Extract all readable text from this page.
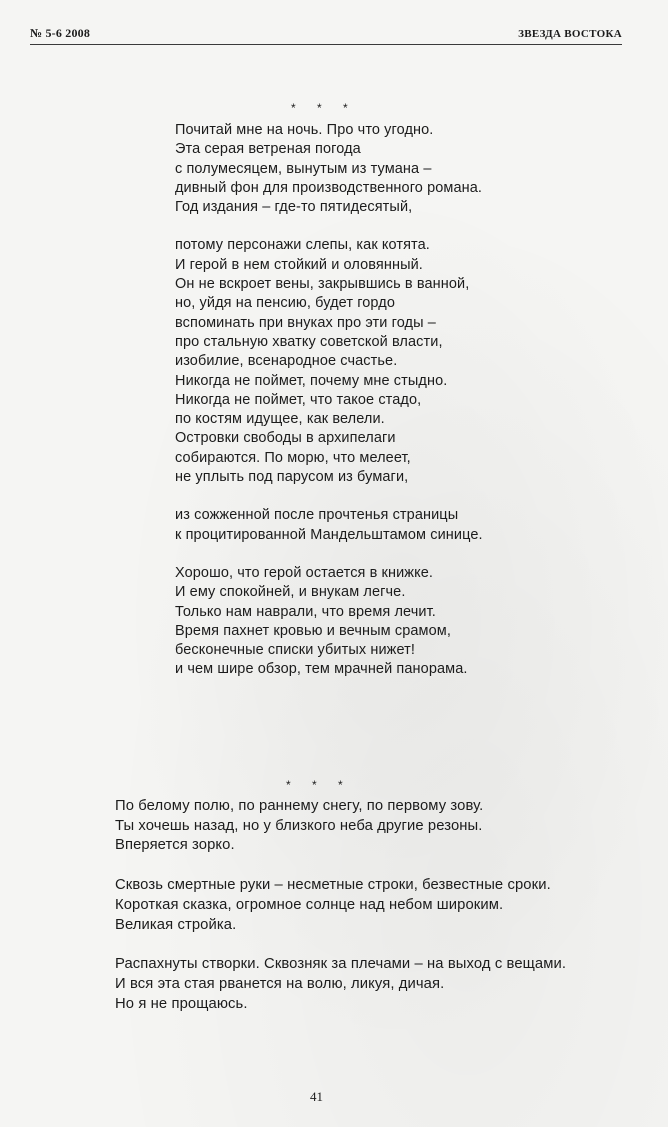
№ 5-6 2008	ЗВЕЗДА ВОСТОКА
* * *
Почитай мне на ночь. Про что угодно.
Эта серая ветреная погода
с полумесяцем, вынутым из тумана –
дивный фон для производственного романа.
Год издания – где-то пятидесятый,
потому персонажи слепы, как котята.
И герой в нем стойкий и оловянный.
Он не вскроет вены, закрывшись в ванной,
но, уйдя на пенсию, будет гордо
вспоминать при внуках про эти годы –
про стальную хватку советской власти,
изобилие, всенародное счастье.
Никогда не поймет, почему мне стыдно.
Никогда не поймет, что такое стадо,
по костям идущее, как велели.
Островки свободы в архипелаги
собираются. По морю, что мелеет,
не уплыть под парусом из бумаги,
из сожженной после прочтенья страницы
к процитированной Мандельштамом синице.
Хорошо, что герой остается в книжке.
И ему спокойней, и внукам легче.
Только нам наврали, что время лечит.
Время пахнет кровью и вечным срамом,
бесконечные списки убитых нижет!
и чем шире обзор, тем мрачней панорама.
* * *
По белому полю, по раннему снегу, по первому зову.
Ты хочешь назад, но у близкого неба другие резоны.
Вперяется зорко.
Сквозь смертные руки – несметные строки, безвестные сроки.
Короткая сказка, огромное солнце над небом широким.
Великая стройка.
Распахнуты створки. Сквозняк за плечами – на выход с вещами.
И вся эта стая рванется на волю, ликуя, дичая.
Но я не прощаюсь.
41
